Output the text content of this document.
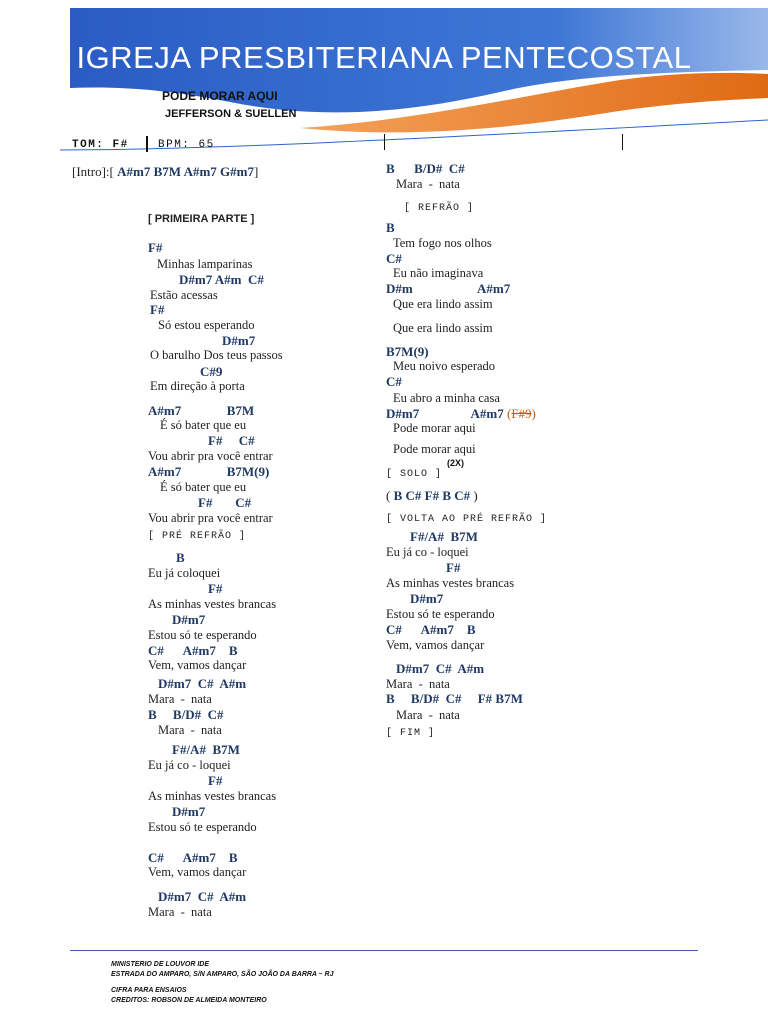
IGREJA PRESBITERIANA PENTECOSTAL
PODE MORAR AQUI
JEFFERSON & SUELLEN
TOM: F#	BPM: 65
[Intro]:[ A#m7 B7M A#m7 G#m7]
[ PRIMEIRA PARTE ]
F#
Minhas lamparinas
D#m7 A#m  C#
Estão acessas
F#
Só estou esperando
D#m7
O barulho Dos teus passos
C#9
Em direção à porta
A#m7              B7M
É só bater que eu
F#     C#
Vou abrir pra você entrar
A#m7              B7M(9)
É só bater que eu
F#       C#
Vou abrir pra você entrar
[ PRÉ REFRÃO ]
B
Eu já coloquei
F#
As minhas vestes brancas
D#m7
Estou só te esperando
C#      A#m7    B
Vem, vamos dançar
D#m7  C#  A#m
Mara  -  nata
B     B/D#  C#
Mara  -  nata
F#/A#  B7M
Eu já co - loquei
F#
As minhas vestes brancas
D#m7
Estou só te esperando
C#      A#m7    B
Vem, vamos dançar
D#m7  C#  A#m
Mara  -  nata
B      B/D#  C#
Mara  -  nata
[ REFRÃO ]
B
Tem fogo nos olhos
C#
Eu não imaginava
D#m                    A#m7
Que era lindo assim
Que era lindo assim
B7M(9)
Meu noivo esperado
C#
Eu abro a minha casa
D#m7                A#m7 (F#9)
Pode morar aqui
Pode morar aqui
(2X)
[ SOLO ]
( B C# F# B C# )
[ VOLTA AO PRÉ REFRÃO ]
F#/A#  B7M
Eu já co - loquei
F#
As minhas vestes brancas
D#m7
Estou só te esperando
C#      A#m7    B
Vem, vamos dançar
D#m7  C#  A#m
Mara  -  nata
B     B/D#  C#     F# B7M
Mara  -  nata
[ FIM ]
MINISTERIO DE LOUVOR IDE
ESTRADA DO AMPARO, S/N AMPARO, SÃO JOÃO DA BARRA – RJ
CIFRA PARA ENSAIOS
CREDITOS: ROBSON DE ALMEIDA MONTEIRO
